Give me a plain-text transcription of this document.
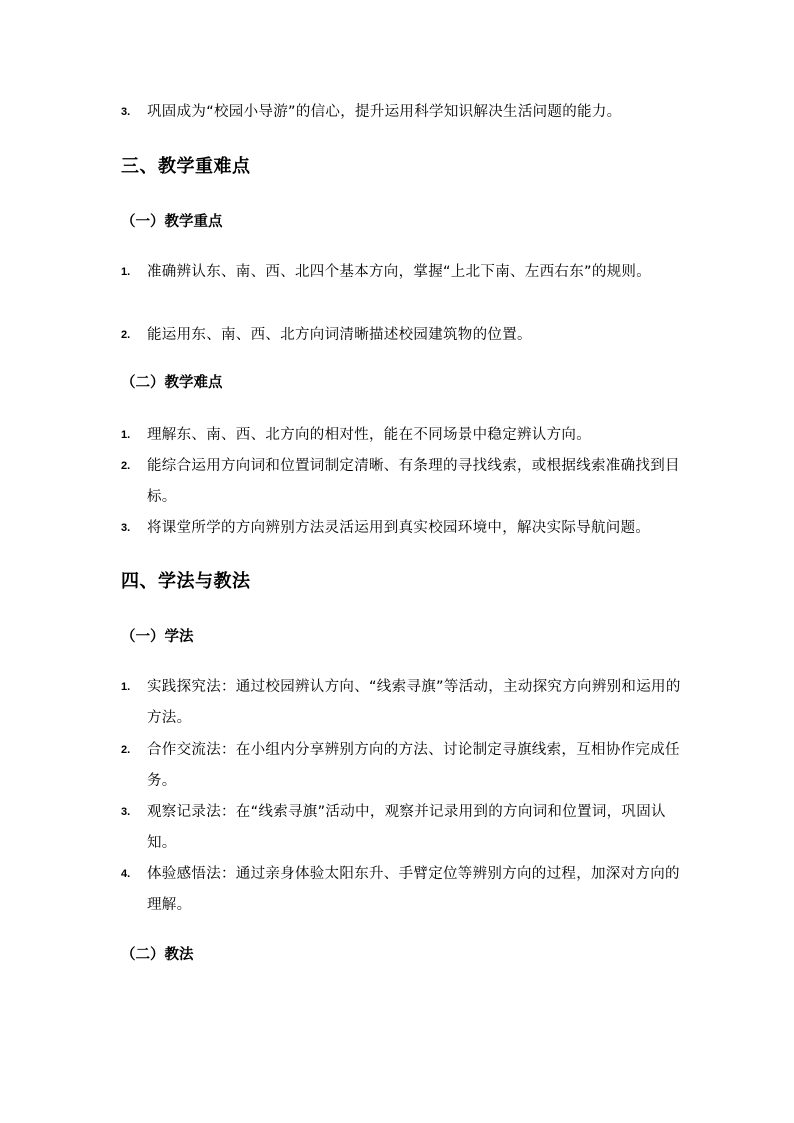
3.	巩固成为“校园小导游”的信心，提升运用科学知识解决生活问题的能力。
三、教学重难点
（一）教学重点
1.	准确辨认东、南、西、北四个基本方向，掌握“上北下南、左西右东”的规则。
2.	能运用东、南、西、北方向词清晰描述校园建筑物的位置。
（二）教学难点
1.	理解东、南、西、北方向的相对性，能在不同场景中稳定辨认方向。
2.	能综合运用方向词和位置词制定清晰、有条理的寻找线索，或根据线索准确找到目标。
3.	将课堂所学的方向辨别方法灵活运用到真实校园环境中，解决实际导航问题。
四、学法与教法
（一）学法
1.	实践探究法：通过校园辨认方向、“线索寻旗”等活动，主动探究方向辨别和运用的方法。
2.	合作交流法：在小组内分享辨别方向的方法、讨论制定寻旗线索，互相协作完成任务。
3.	观察记录法：在“线索寻旗”活动中，观察并记录用到的方向词和位置词，巩固认知。
4.	体验感悟法：通过亲身体验太阳东升、手臂定位等辨别方向的过程，加深对方向的理解。
（二）教法
